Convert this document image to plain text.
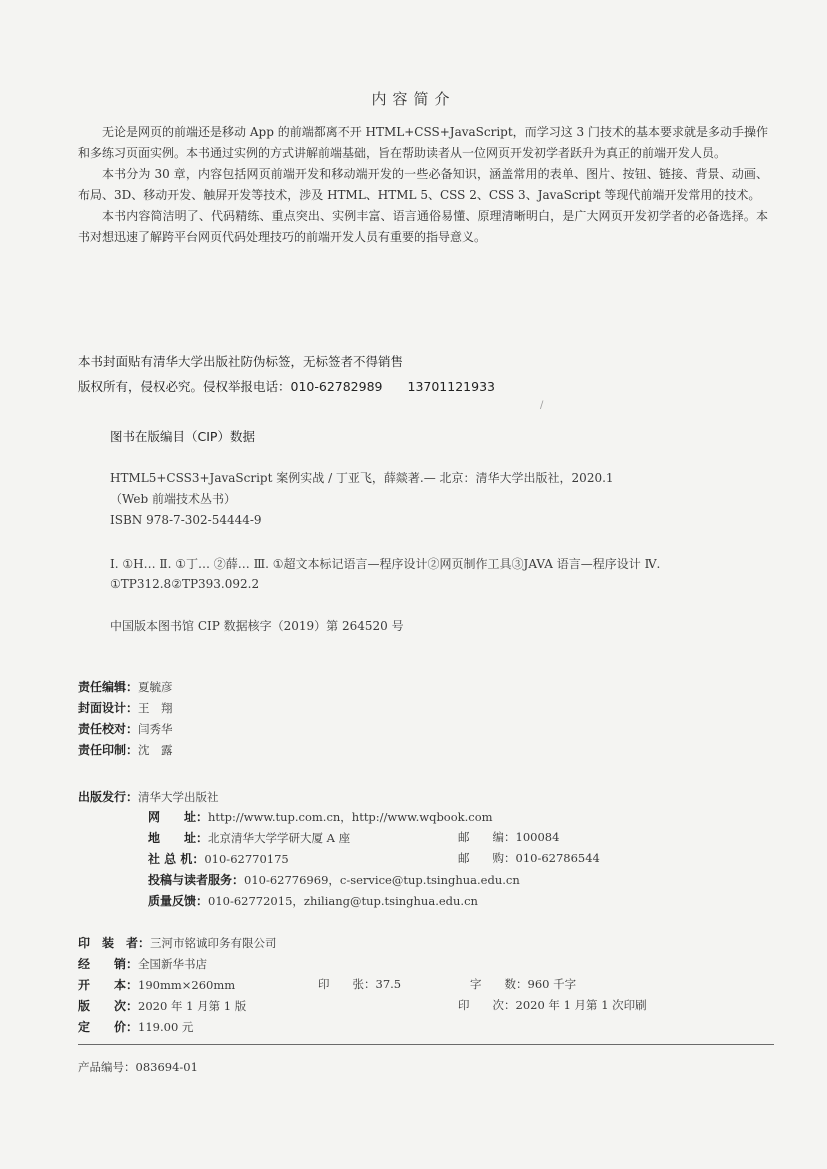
内容简介

无论是网页的前端还是移动 App 的前端都离不开 HTML+CSS+JavaScript，而学习这 3 门技术的基本要求就是多动手操作和多练习页面实例。本书通过实例的方式讲解前端基础，旨在帮助读者从一位网页开发初学者跃升为真正的前端开发人员。

本书分为 30 章，内容包括网页前端开发和移动端开发的一些必备知识，涵盖常用的表单、图片、按钮、链接、背景、动画、布局、3D、移动开发、触屏开发等技术，涉及 HTML、HTML 5、CSS 2、CSS 3、JavaScript 等现代前端开发常用的技术。

本书内容简洁明了、代码精练、重点突出、实例丰富、语言通俗易懂、原理清晰明白，是广大网页开发初学者的必备选择。本书对想迅速了解跨平台网页代码处理技巧的前端开发人员有重要的指导意义。

本书封面贴有清华大学出版社防伪标签，无标签者不得销售
版权所有，侵权必究。侵权举报电话：010-62782989　　13701121933
/
图书在版编目（CIP）数据
HTML5+CSS3+JavaScript 案例实战 / 丁亚飞，薛燚著.— 北京：清华大学出版社，2020.1
（Web 前端技术丛书）
ISBN 978-7-302-54444-9
Ⅰ. ①H… Ⅱ. ①丁… ②薛… Ⅲ. ①超文本标记语言—程序设计②网页制作工具③JAVA 语言—程序设计 Ⅳ. ①TP312.8②TP393.092.2
中国版本图书馆 CIP 数据核字（2019）第 264520 号
责任编辑：夏毓彦
封面设计：王　翔
责任校对：闫秀华
责任印制：沈　露
出版发行：清华大学出版社
网　　址：http://www.tup.com.cn，http://www.wqbook.com
地　　址：北京清华大学学研大厦 A 座	邮　　编：100084
社 总 机：010-62770175	邮　　购：010-62786544
投稿与读者服务：010-62776969，c-service@tup.tsinghua.edu.cn
质量反馈：010-62772015，zhiliang@tup.tsinghua.edu.cn
印　装　者：三河市铭诚印务有限公司
经　　销：全国新华书店
开　　本：190mm×260mm	印　　张：37.5	字　　数：960 千字
版　　次：2020 年 1 月第 1 版	印　　次：2020 年 1 月第 1 次印刷
定　　价：119.00 元
产品编号：083694-01
